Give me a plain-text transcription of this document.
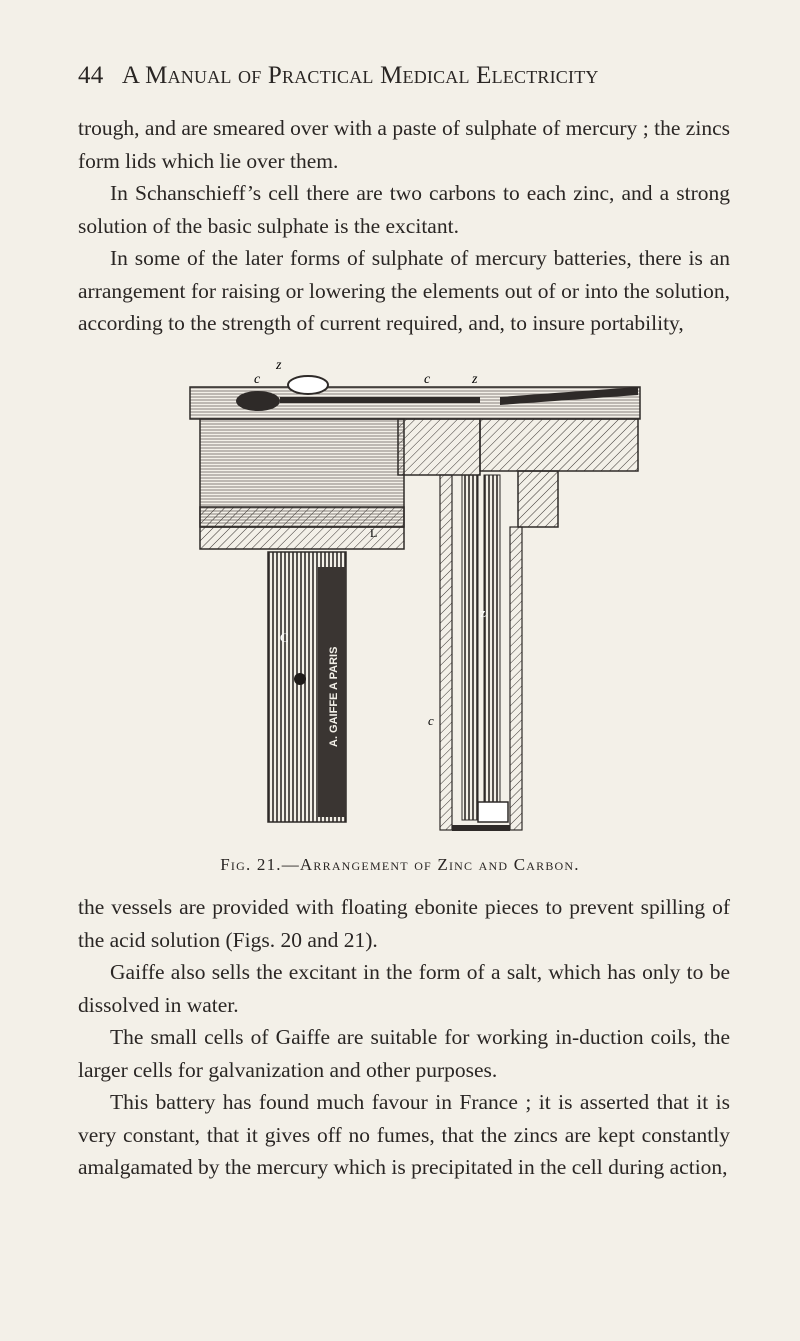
44 A Manual of Practical Medical Electricity

trough, and are smeared over with a paste of sulphate of mercury ; the zincs form lids which lie over them.

In Schanschieff’s cell there are two carbons to each zinc, and a strong solution of the basic sulphate is the excitant.

In some of the later forms of sulphate of mercury batteries, there is an arrangement for raising or lowering the elements out of or into the solution, according to the strength of current required, and, to insure portability,

z
c	c	z
L
C
z
c
A. GAIFFE A PARIS
Fig. 21.—Arrangement of Zinc and Carbon.

the vessels are provided with floating ebonite pieces to prevent spilling of the acid solution (Figs. 20 and 21).

Gaiffe also sells the excitant in the form of a salt, which has only to be dissolved in water.

The small cells of Gaiffe are suitable for working in-duction coils, the larger cells for galvanization and other purposes.

This battery has found much favour in France ; it is asserted that it is very constant, that it gives off no fumes, that the zincs are kept constantly amalgamated by the mercury which is precipitated in the cell during action,
